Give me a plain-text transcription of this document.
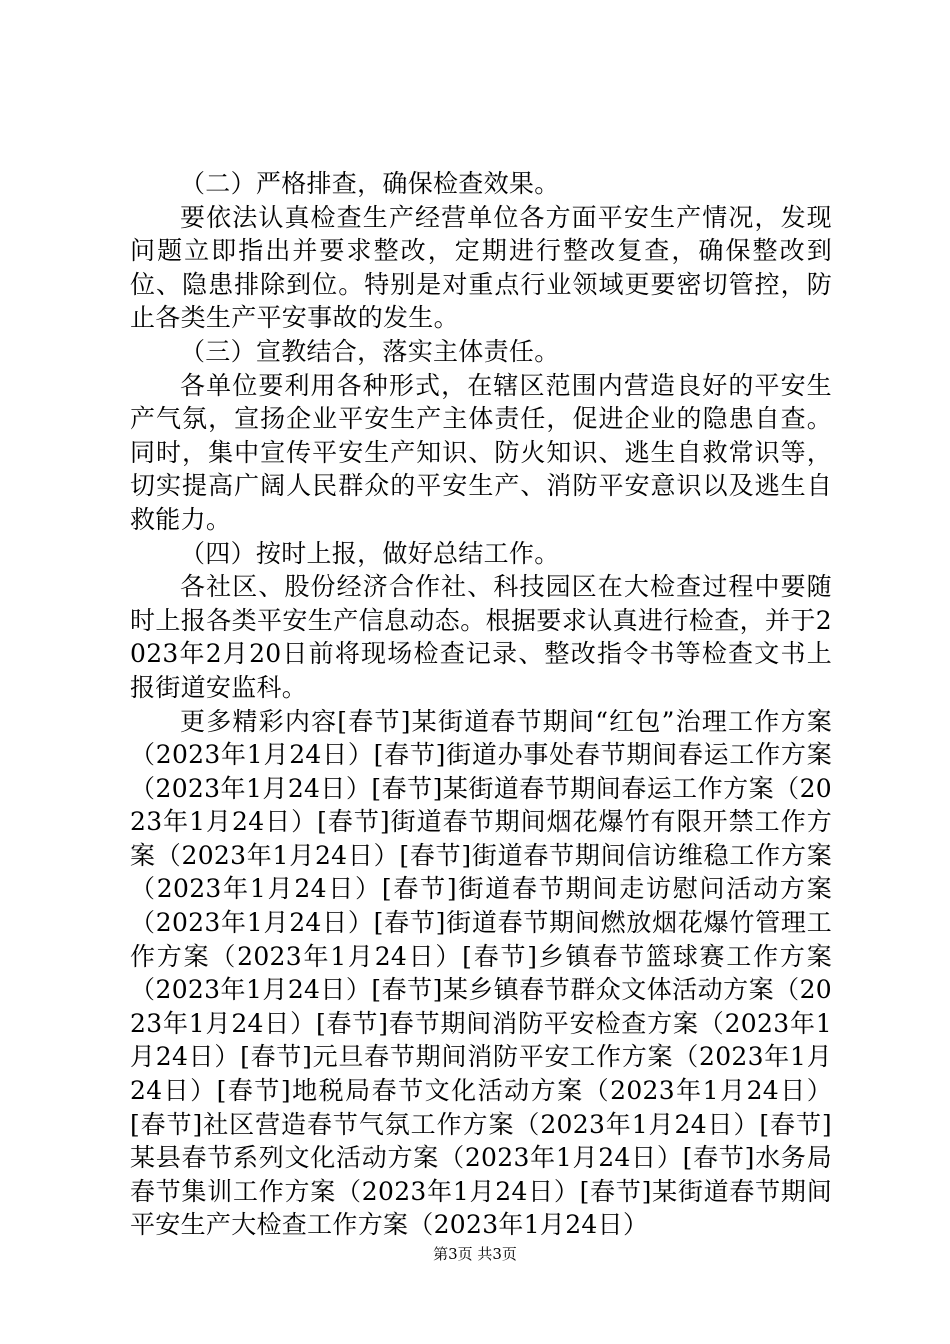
（二）严格排查，确保检查效果。

要依法认真检查生产经营单位各方面平安生产情况，发现问题立即指出并要求整改，定期进行整改复查，确保整改到位、隐患排除到位。特别是对重点行业领域更要密切管控，防止各类生产平安事故的发生。

（三）宣教结合，落实主体责任。

各单位要利用各种形式，在辖区范围内营造良好的平安生产气氛，宣扬企业平安生产主体责任，促进企业的隐患自查。同时，集中宣传平安生产知识、防火知识、逃生自救常识等，切实提高广阔人民群众的平安生产、消防平安意识以及逃生自救能力。

（四）按时上报，做好总结工作。

各社区、股份经济合作社、科技园区在大检查过程中要随时上报各类平安生产信息动态。根据要求认真进行检查，并于2023年2月20日前将现场检查记录、整改指令书等检查文书上报街道安监科。

更多精彩内容[春节]某街道春节期间“红包”治理工作方案（2023年1月24日）[春节]街道办事处春节期间春运工作方案（2023年1月24日）[春节]某街道春节期间春运工作方案（2023年1月24日）[春节]街道春节期间烟花爆竹有限开禁工作方案（2023年1月24日）[春节]街道春节期间信访维稳工作方案（2023年1月24日）[春节]街道春节期间走访慰问活动方案（2023年1月24日）[春节]街道春节期间燃放烟花爆竹管理工作方案（2023年1月24日）[春节]乡镇春节篮球赛工作方案（2023年1月24日）[春节]某乡镇春节群众文体活动方案（2023年1月24日）[春节]春节期间消防平安检查方案（2023年1月24日）[春节]元旦春节期间消防平安工作方案（2023年1月24日）[春节]地税局春节文化活动方案（2023年1月24日）[春节]社区营造春节气氛工作方案（2023年1月24日）[春节]某县春节系列文化活动方案（2023年1月24日）[春节]水务局春节集训工作方案（2023年1月24日）[春节]某街道春节期间平安生产大检查工作方案（2023年1月24日）

第3页 共3页
